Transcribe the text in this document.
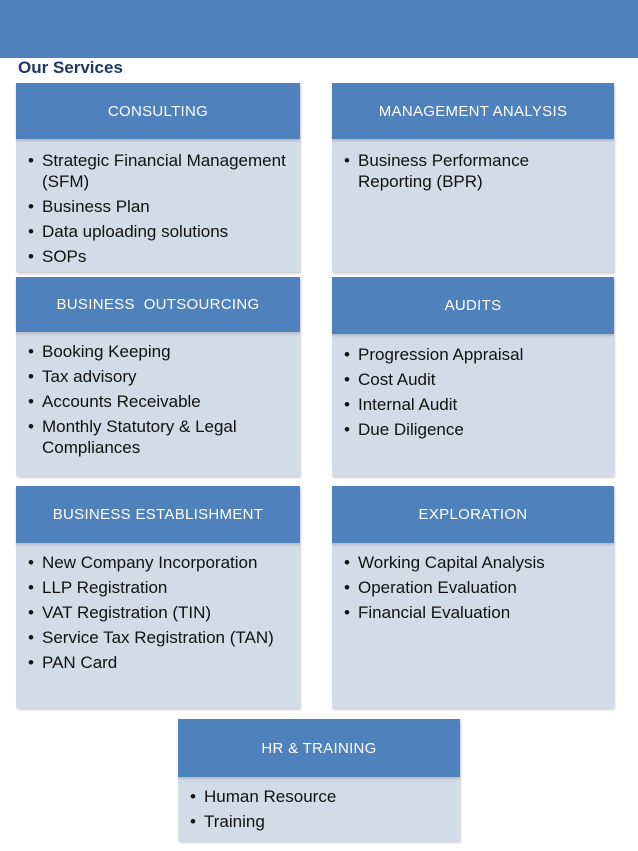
Our Services
CONSULTING
• Strategic Financial Management (SFM)
• Business Plan
• Data uploading solutions
• SOPs
MANAGEMENT ANALYSIS
• Business Performance Reporting (BPR)
BUSINESS  OUTSOURCING
• Booking Keeping
• Tax advisory
• Accounts Receivable
• Monthly Statutory & Legal Compliances
AUDITS
• Progression Appraisal
• Cost Audit
• Internal Audit
• Due Diligence
BUSINESS ESTABLISHMENT
• New Company Incorporation
• LLP Registration
• VAT Registration (TIN)
• Service Tax Registration (TAN)
• PAN Card
EXPLORATION
• Working Capital Analysis
• Operation Evaluation
• Financial Evaluation
HR & TRAINING
• Human Resource
• Training
